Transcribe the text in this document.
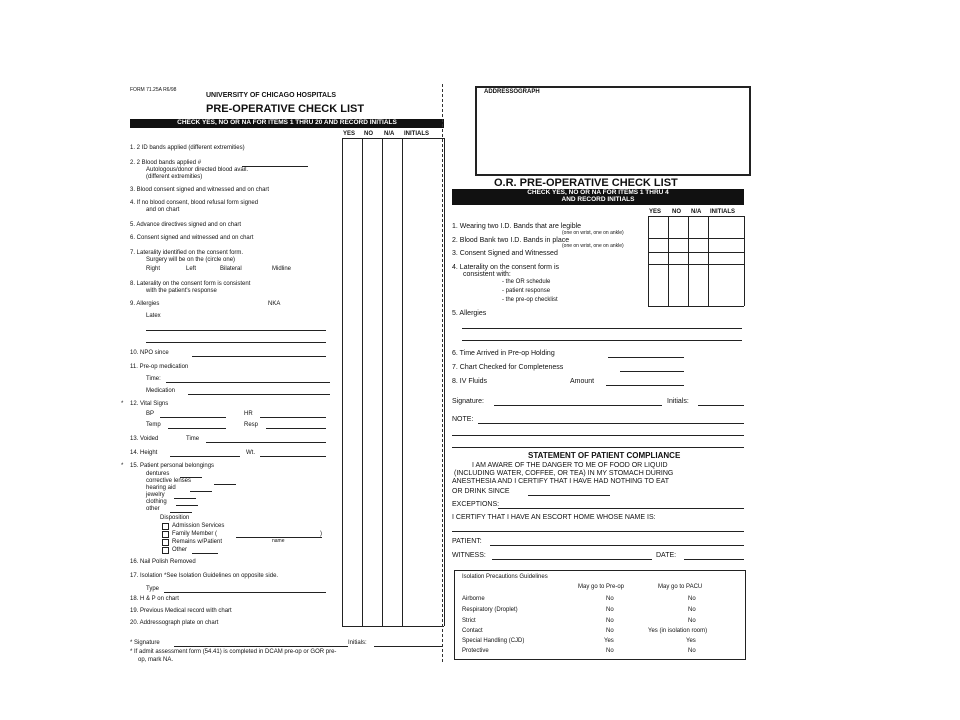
FORM 71.25A R6/98
UNIVERSITY OF CHICAGO HOSPITALS
PRE-OPERATIVE CHECK LIST
CHECK YES, NO OR NA FOR ITEMS 1 THRU 20 AND RECORD INITIALS
YES NO N/A INITIALS
1. 2 ID bands applied (different extremities)
2. 2 Blood bands applied #
Autologous/donor directed blood avail.
(different extremities)
3. Blood consent signed and witnessed and on chart
4. If no blood consent, blood refusal form signed
and on chart
5. Advance directives signed and on chart
6. Consent signed and witnessed and on chart
7. Laterality identified on the consent form.
Surgery will be on the (circle one)
Right	Left	Bilateral	Midline
8. Laterality on the consent form is consistent
with the patient's response
9. Allergies	NKA
Latex
10. NPO since
11. Pre-op medication
Time:
Medication
* 12. Vital Signs
BP	HR
Temp	Resp
13. Voided	Time
14. Height	Wt.
* 15. Patient personal belongings
dentures
corrective lenses
hearing aid
jewelry
clothing
other
Disposition
Admission Services
Family Member (	)
name
Remains w/Patient
Other
16. Nail Polish Removed
17. Isolation *See Isolation Guidelines on opposite side.
Type
18. H & P on chart
19. Previous Medical record with chart
20. Addressograph plate on chart
* Signature	Initials:
* If admit assessment form (54.41) is completed in DCAM pre-op or GOR pre-
op, mark NA.
ADDRESSOGRAPH
O.R. PRE-OPERATIVE CHECK LIST
CHECK YES, NO OR NA FOR ITEMS 1 THRU 4
AND RECORD INITIALS
YES NO N/A INITIALS
1. Wearing two I.D. Bands that are legible
(one on wrist, one on ankle)
2. Blood Bank two I.D. Bands in place
(one on wrist, one on ankle)
3. Consent Signed and Witnessed
4. Laterality on the consent form is
consistent with:
- the OR schedule
- patient response
- the pre-op checklist
5. Allergies
6. Time Arrived in Pre-op Holding
7. Chart Checked for Completeness
8. IV Fluids	Amount
Signature:	Initials:
NOTE:
STATEMENT OF PATIENT COMPLIANCE
I AM AWARE OF THE DANGER TO ME OF FOOD OR LIQUID
(INCLUDING WATER, COFFEE, OR TEA) IN MY STOMACH DURING
ANESTHESIA AND I CERTIFY THAT I HAVE HAD NOTHING TO EAT
OR DRINK SINCE
EXCEPTIONS:
I CERTIFY THAT I HAVE AN ESCORT HOME WHOSE NAME IS:
PATIENT:
WITNESS:	DATE:
Isolation Precautions Guidelines
May go to Pre-op	May go to PACU
Airborne	No	No
Respiratory (Droplet)	No	No
Strict	No	No
Contact	No	Yes (in isolation room)
Special Handling (CJD)	Yes	Yes
Protective	No	No
